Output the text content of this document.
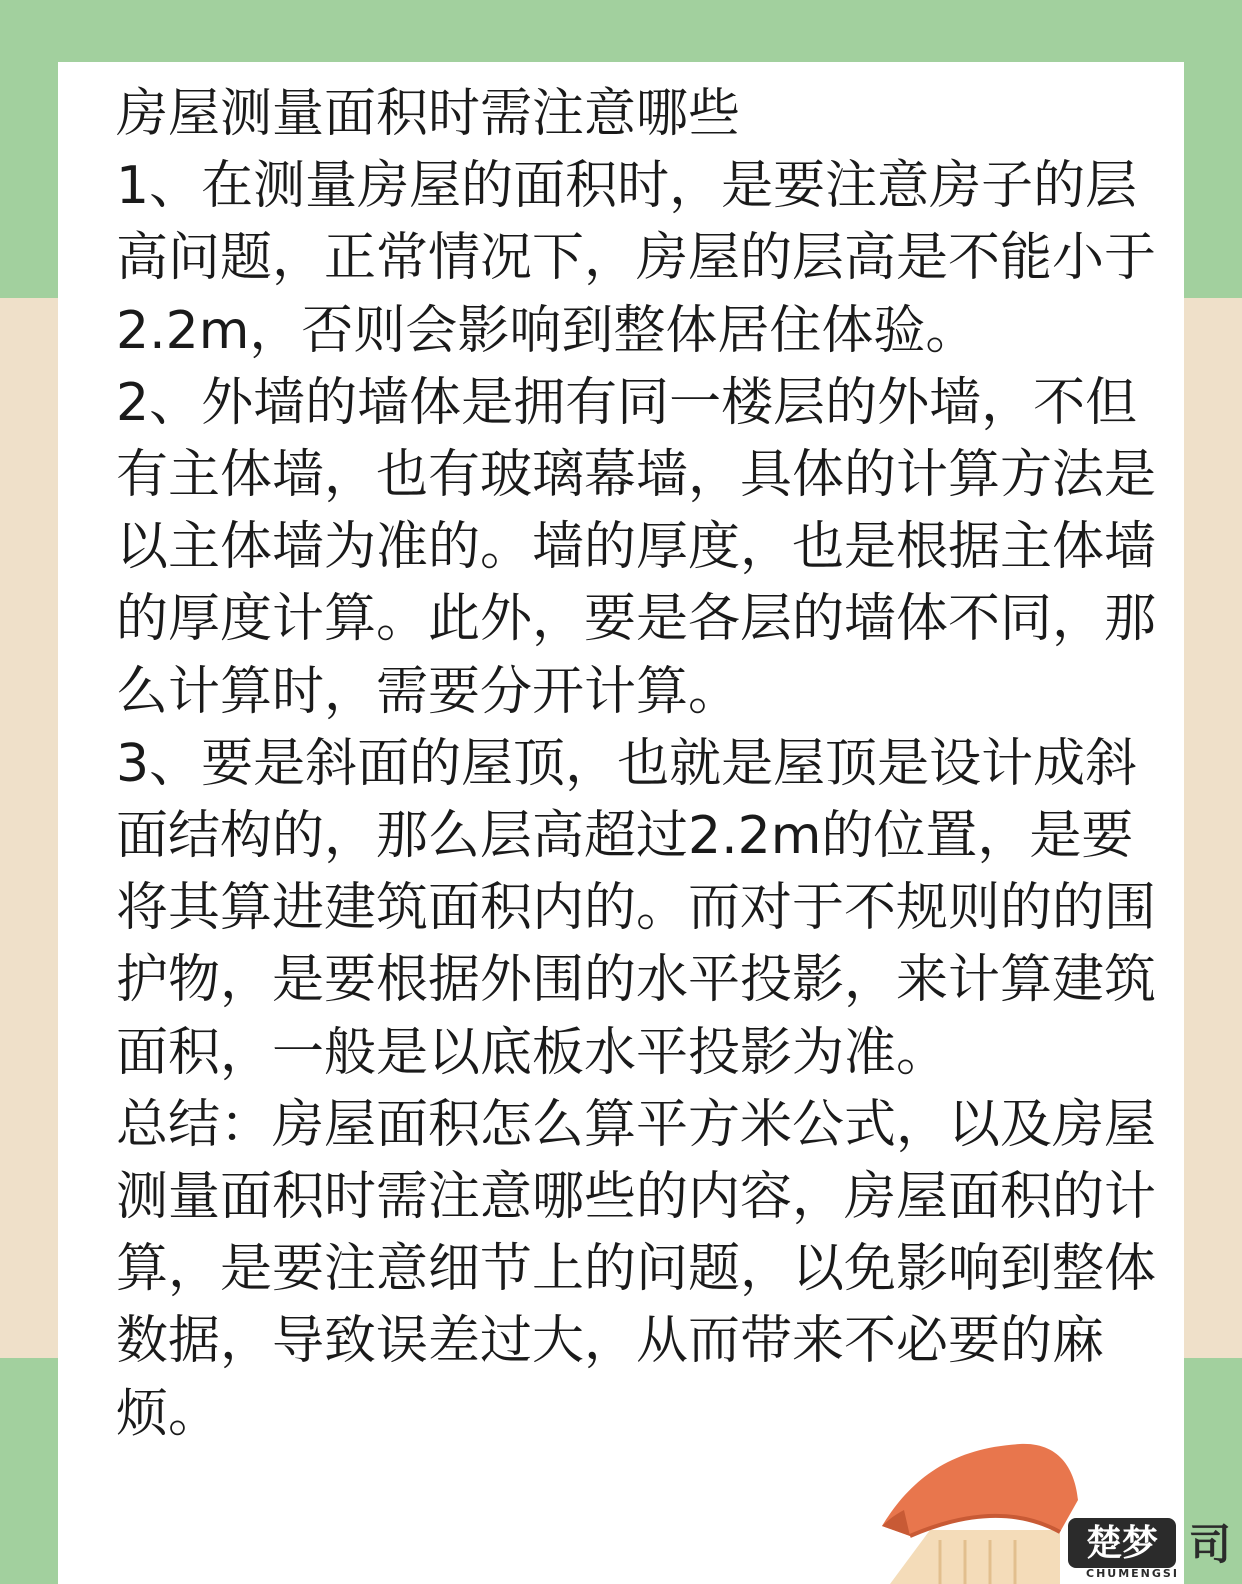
房屋测量面积时需注意哪些

1、在测量房屋的面积时，是要注意房子的层高问题，正常情况下，房屋的层高是不能小于2.2m，否则会影响到整体居住体验。

2、外墙的墙体是拥有同一楼层的外墙，不但有主体墙，也有玻璃幕墙，具体的计算方法是以主体墙为准的。墙的厚度，也是根据主体墙的厚度计算。此外，要是各层的墙体不同，那么计算时，需要分开计算。

3、要是斜面的屋顶，也就是屋顶是设计成斜面结构的，那么层高超过2.2m的位置，是要将其算进建筑面积内的。而对于不规则的的围护物，是要根据外围的水平投影，来计算建筑面积，一般是以底板水平投影为准。

总结：房屋面积怎么算平方米公式，以及房屋测量面积时需注意哪些的内容，房屋面积的计算，是要注意细节上的问题，以免影响到整体数据，导致误差过大，从而带来不必要的麻烦。

楚梦 司
CHUMENGSI
